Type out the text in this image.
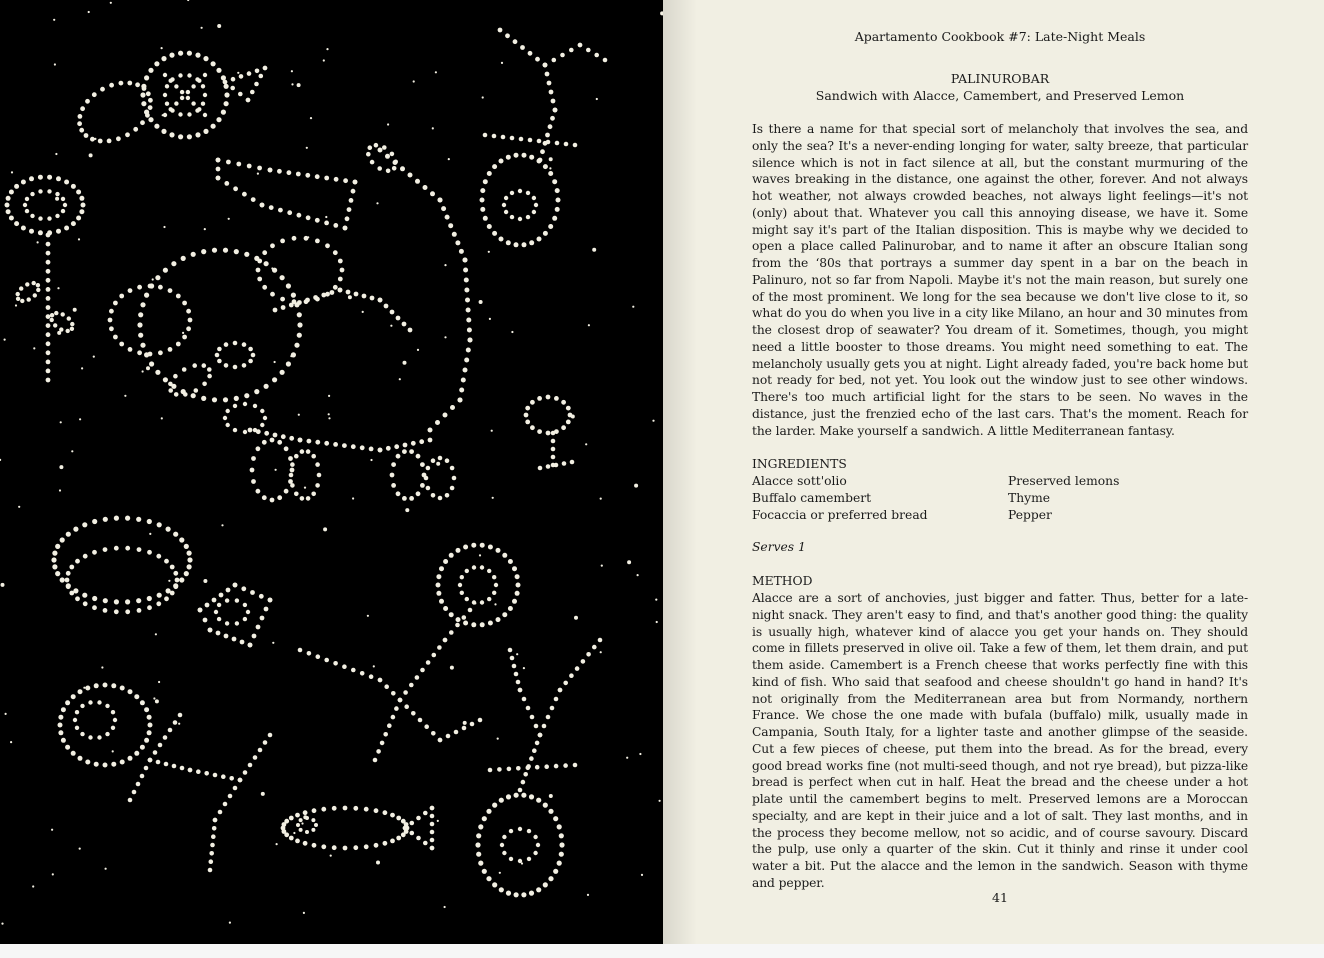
Apartamento Cookbook #7: Late-Night Meals
PALINUROBAR
Sandwich with Alacce, Camembert, and Preserved Lemon

Is there a name for that special sort of melancholy that involves the sea, and only the sea? It's a never-ending longing for water, salty breeze, that particular silence which is not in fact silence at all, but the constant murmuring of the waves breaking in the distance, one against the other, forever. And not always hot weather, not always crowded beaches, not always light feelings—it's not (only) about that. Whatever you call this annoying disease, we have it. Some might say it's part of the Italian disposition. This is maybe why we decided to open a place called Palinurobar, and to name it after an obscure Italian song from the ‘80s that portrays a summer day spent in a bar on the beach in Palinuro, not so far from Napoli. Maybe it's not the main reason, but surely one of the most prominent. We long for the sea because we don't live close to it, so what do you do when you live in a city like Milano, an hour and 30 minutes from the closest drop of seawater? You dream of it. Sometimes, though, you might need a little booster to those dreams. You might need something to eat. The melancholy usually gets you at night. Light already faded, you're back home but not ready for bed, not yet. You look out the window just to see other windows. There's too much artificial light for the stars to be seen. No waves in the distance, just the frenzied echo of the last cars. That's the moment. Reach for the larder. Make yourself a sandwich. A little Mediterranean fantasy.

INGREDIENTS
Alacce sott'olio
Buffalo camembert
Focaccia or preferred bread
Preserved lemons
Thyme
Pepper
Serves 1
METHOD

Alacce are a sort of anchovies, just bigger and fatter. Thus, better for a late-night snack. They aren't easy to find, and that's another good thing: the quality is usually high, whatever kind of alacce you get your hands on. They should come in fillets preserved in olive oil. Take a few of them, let them drain, and put them aside. Camembert is a French cheese that works perfectly fine with this kind of fish. Who said that seafood and cheese shouldn't go hand in hand? It's not originally from the Mediterranean area but from Normandy, northern France. We chose the one made with bufala (buffalo) milk, usually made in Campania, South Italy, for a lighter taste and another glimpse of the seaside. Cut a few pieces of cheese, put them into the bread. As for the bread, every good bread works fine (not multi-seed though, and not rye bread), but pizza-like bread is perfect when cut in half. Heat the bread and the cheese under a hot plate until the camembert begins to melt. Preserved lemons are a Moroccan specialty, and are kept in their juice and a lot of salt. They last months, and in the process they become mellow, not so acidic, and of course savoury. Discard the pulp, use only a quarter of the skin. Cut it thinly and rinse it under cool water a bit. Put the alacce and the lemon in the sandwich. Season with thyme and pepper.

41
